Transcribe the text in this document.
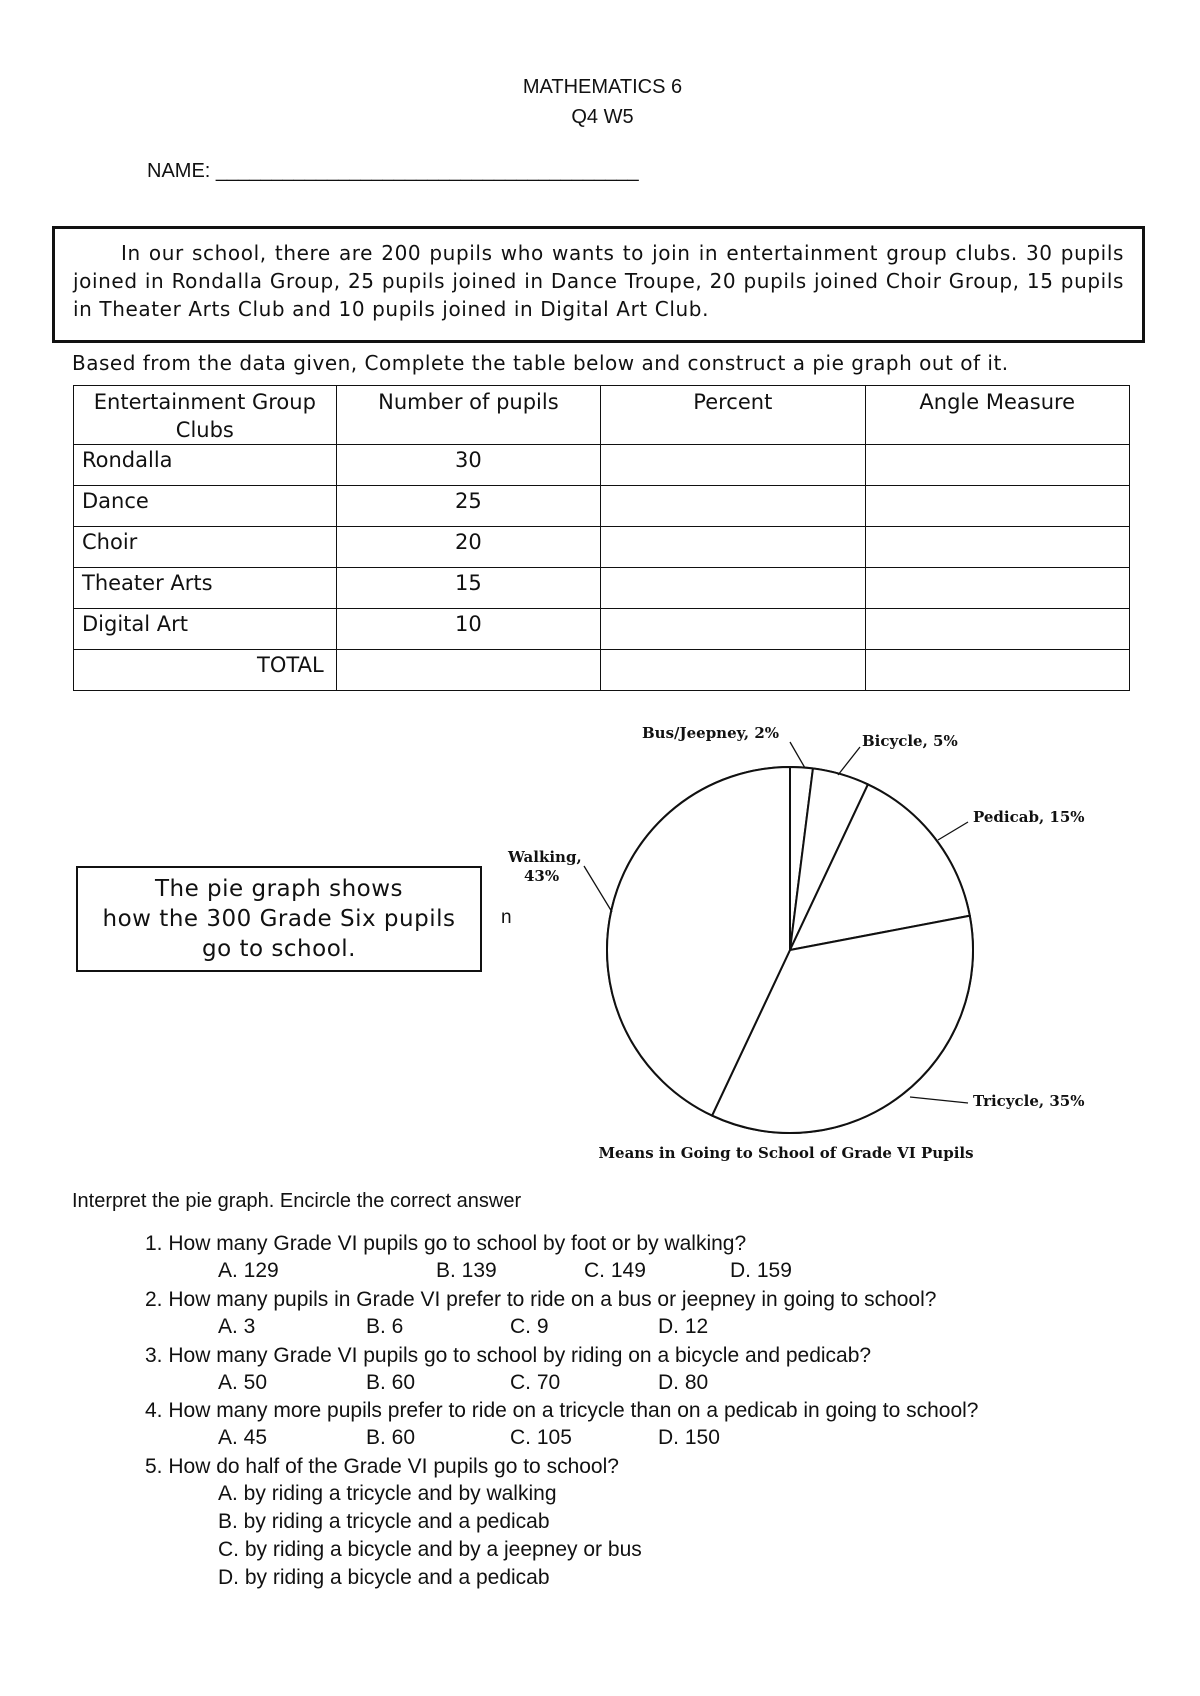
MATHEMATICS 6
Q4 W5
NAME: ______________________________________
In our school, there are 200 pupils who wants to join in entertainment group clubs. 30 pupils joined in Rondalla Group, 25 pupils joined in Dance Troupe, 20 pupils joined Choir Group, 15 pupils in Theater Arts Club and 10 pupils joined in Digital Art Club.
Based from the data given, Complete the table below and construct a pie graph out of it.
Entertainment Group Clubs	Number of pupils	Percent	Angle Measure
Rondalla	30		
Dance	25		
Choir	20		
Theater Arts	15		
Digital Art	10		
TOTAL			
The pie graph shows
how the 300 Grade Six pupils
go to school.
n
Bus/Jeepney, 2%	Bicycle, 5%
Pedicab, 15%
Tricycle, 35%
Walking, 43%
Means in Going to School of Grade VI Pupils
Interpret the pie graph. Encircle the correct answer
1. How many Grade VI pupils go to school by foot or by walking?
A. 129	B. 139	C. 149	D. 159
2. How many pupils in Grade VI prefer to ride on a bus or jeepney in going to school?
A. 3	B. 6	C. 9	D. 12
3. How many Grade VI pupils go to school by riding on a bicycle and pedicab?
A. 50	B. 60	C. 70	D. 80
4. How many more pupils prefer to ride on a tricycle than on a pedicab in going to school?
A. 45	B. 60	C. 105	D. 150
5. How do half of the Grade VI pupils go to school?
A. by riding a tricycle and by walking
B. by riding a tricycle and a pedicab
C. by riding a bicycle and by a jeepney or bus
D. by riding a bicycle and a pedicab
